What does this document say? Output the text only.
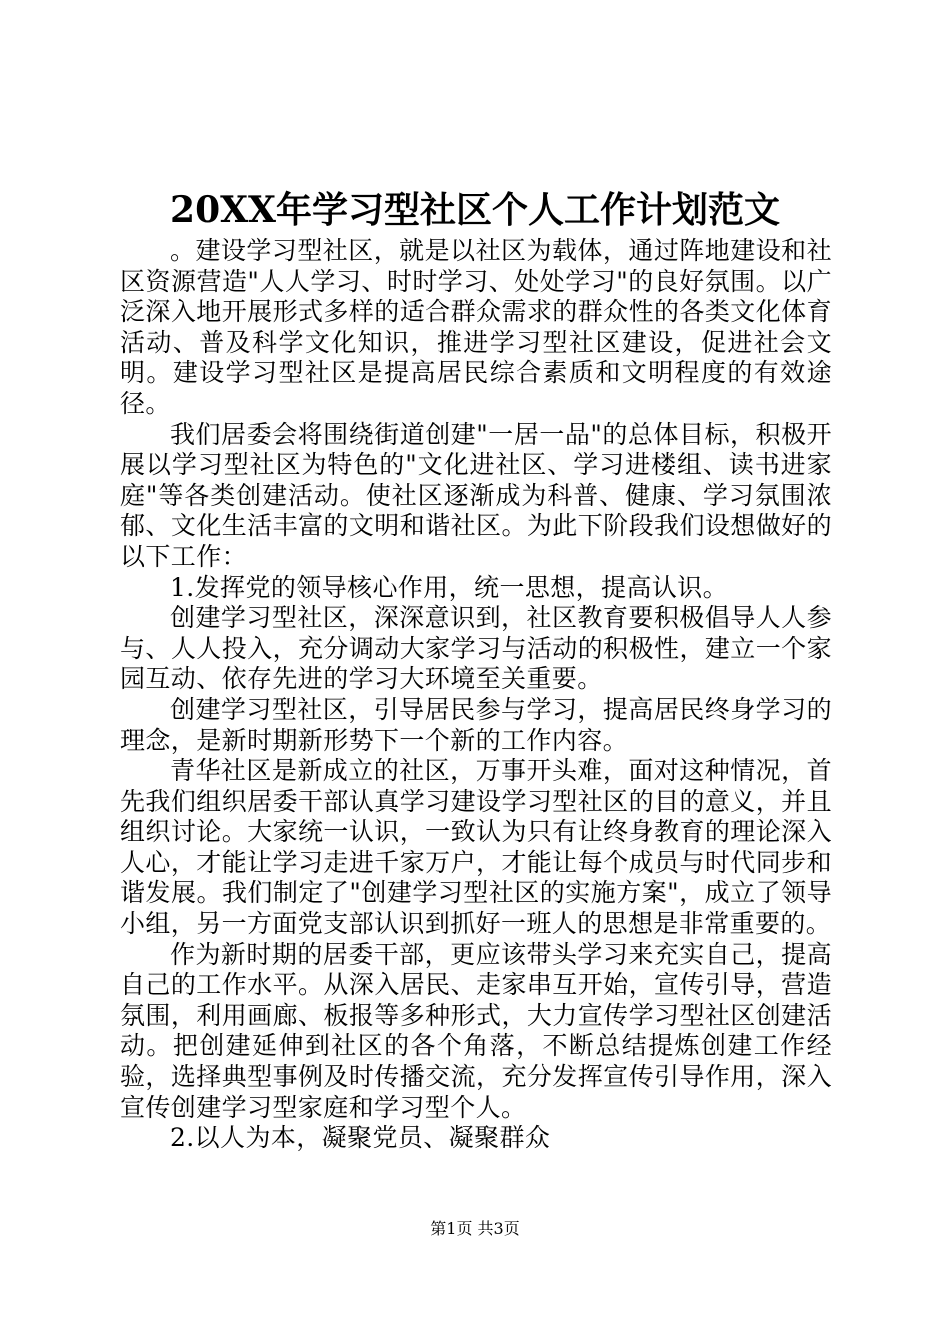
20XX年学习型社区个人工作计划范文

。建设学习型社区，就是以社区为载体，通过阵地建设和社区资源营造"人人学习、时时学习、处处学习"的良好氛围。以广泛深入地开展形式多样的适合群众需求的群众性的各类文化体育活动、普及科学文化知识，推进学习型社区建设，促进社会文明。建设学习型社区是提高居民综合素质和文明程度的有效途径。

我们居委会将围绕街道创建"一居一品"的总体目标，积极开展以学习型社区为特色的"文化进社区、学习进楼组、读书进家庭"等各类创建活动。使社区逐渐成为科普、健康、学习氛围浓郁、文化生活丰富的文明和谐社区。为此下阶段我们设想做好的以下工作：

1.发挥党的领导核心作用，统一思想，提高认识。

创建学习型社区，深深意识到，社区教育要积极倡导人人参与、人人投入，充分调动大家学习与活动的积极性，建立一个家园互动、依存先进的学习大环境至关重要。

创建学习型社区，引导居民参与学习，提高居民终身学习的理念，是新时期新形势下一个新的工作内容。

青华社区是新成立的社区，万事开头难，面对这种情况，首先我们组织居委干部认真学习建设学习型社区的目的意义，并且组织讨论。大家统一认识，一致认为只有让终身教育的理论深入人心，才能让学习走进千家万户，才能让每个成员与时代同步和谐发展。我们制定了"创建学习型社区的实施方案"，成立了领导小组，另一方面党支部认识到抓好一班人的思想是非常重要的。

作为新时期的居委干部，更应该带头学习来充实自己，提高自己的工作水平。从深入居民、走家串互开始，宣传引导，营造氛围，利用画廊、板报等多种形式，大力宣传学习型社区创建活动。把创建延伸到社区的各个角落，不断总结提炼创建工作经验，选择典型事例及时传播交流，充分发挥宣传引导作用，深入宣传创建学习型家庭和学习型个人。

2.以人为本，凝聚党员、凝聚群众

第1页 共3页
